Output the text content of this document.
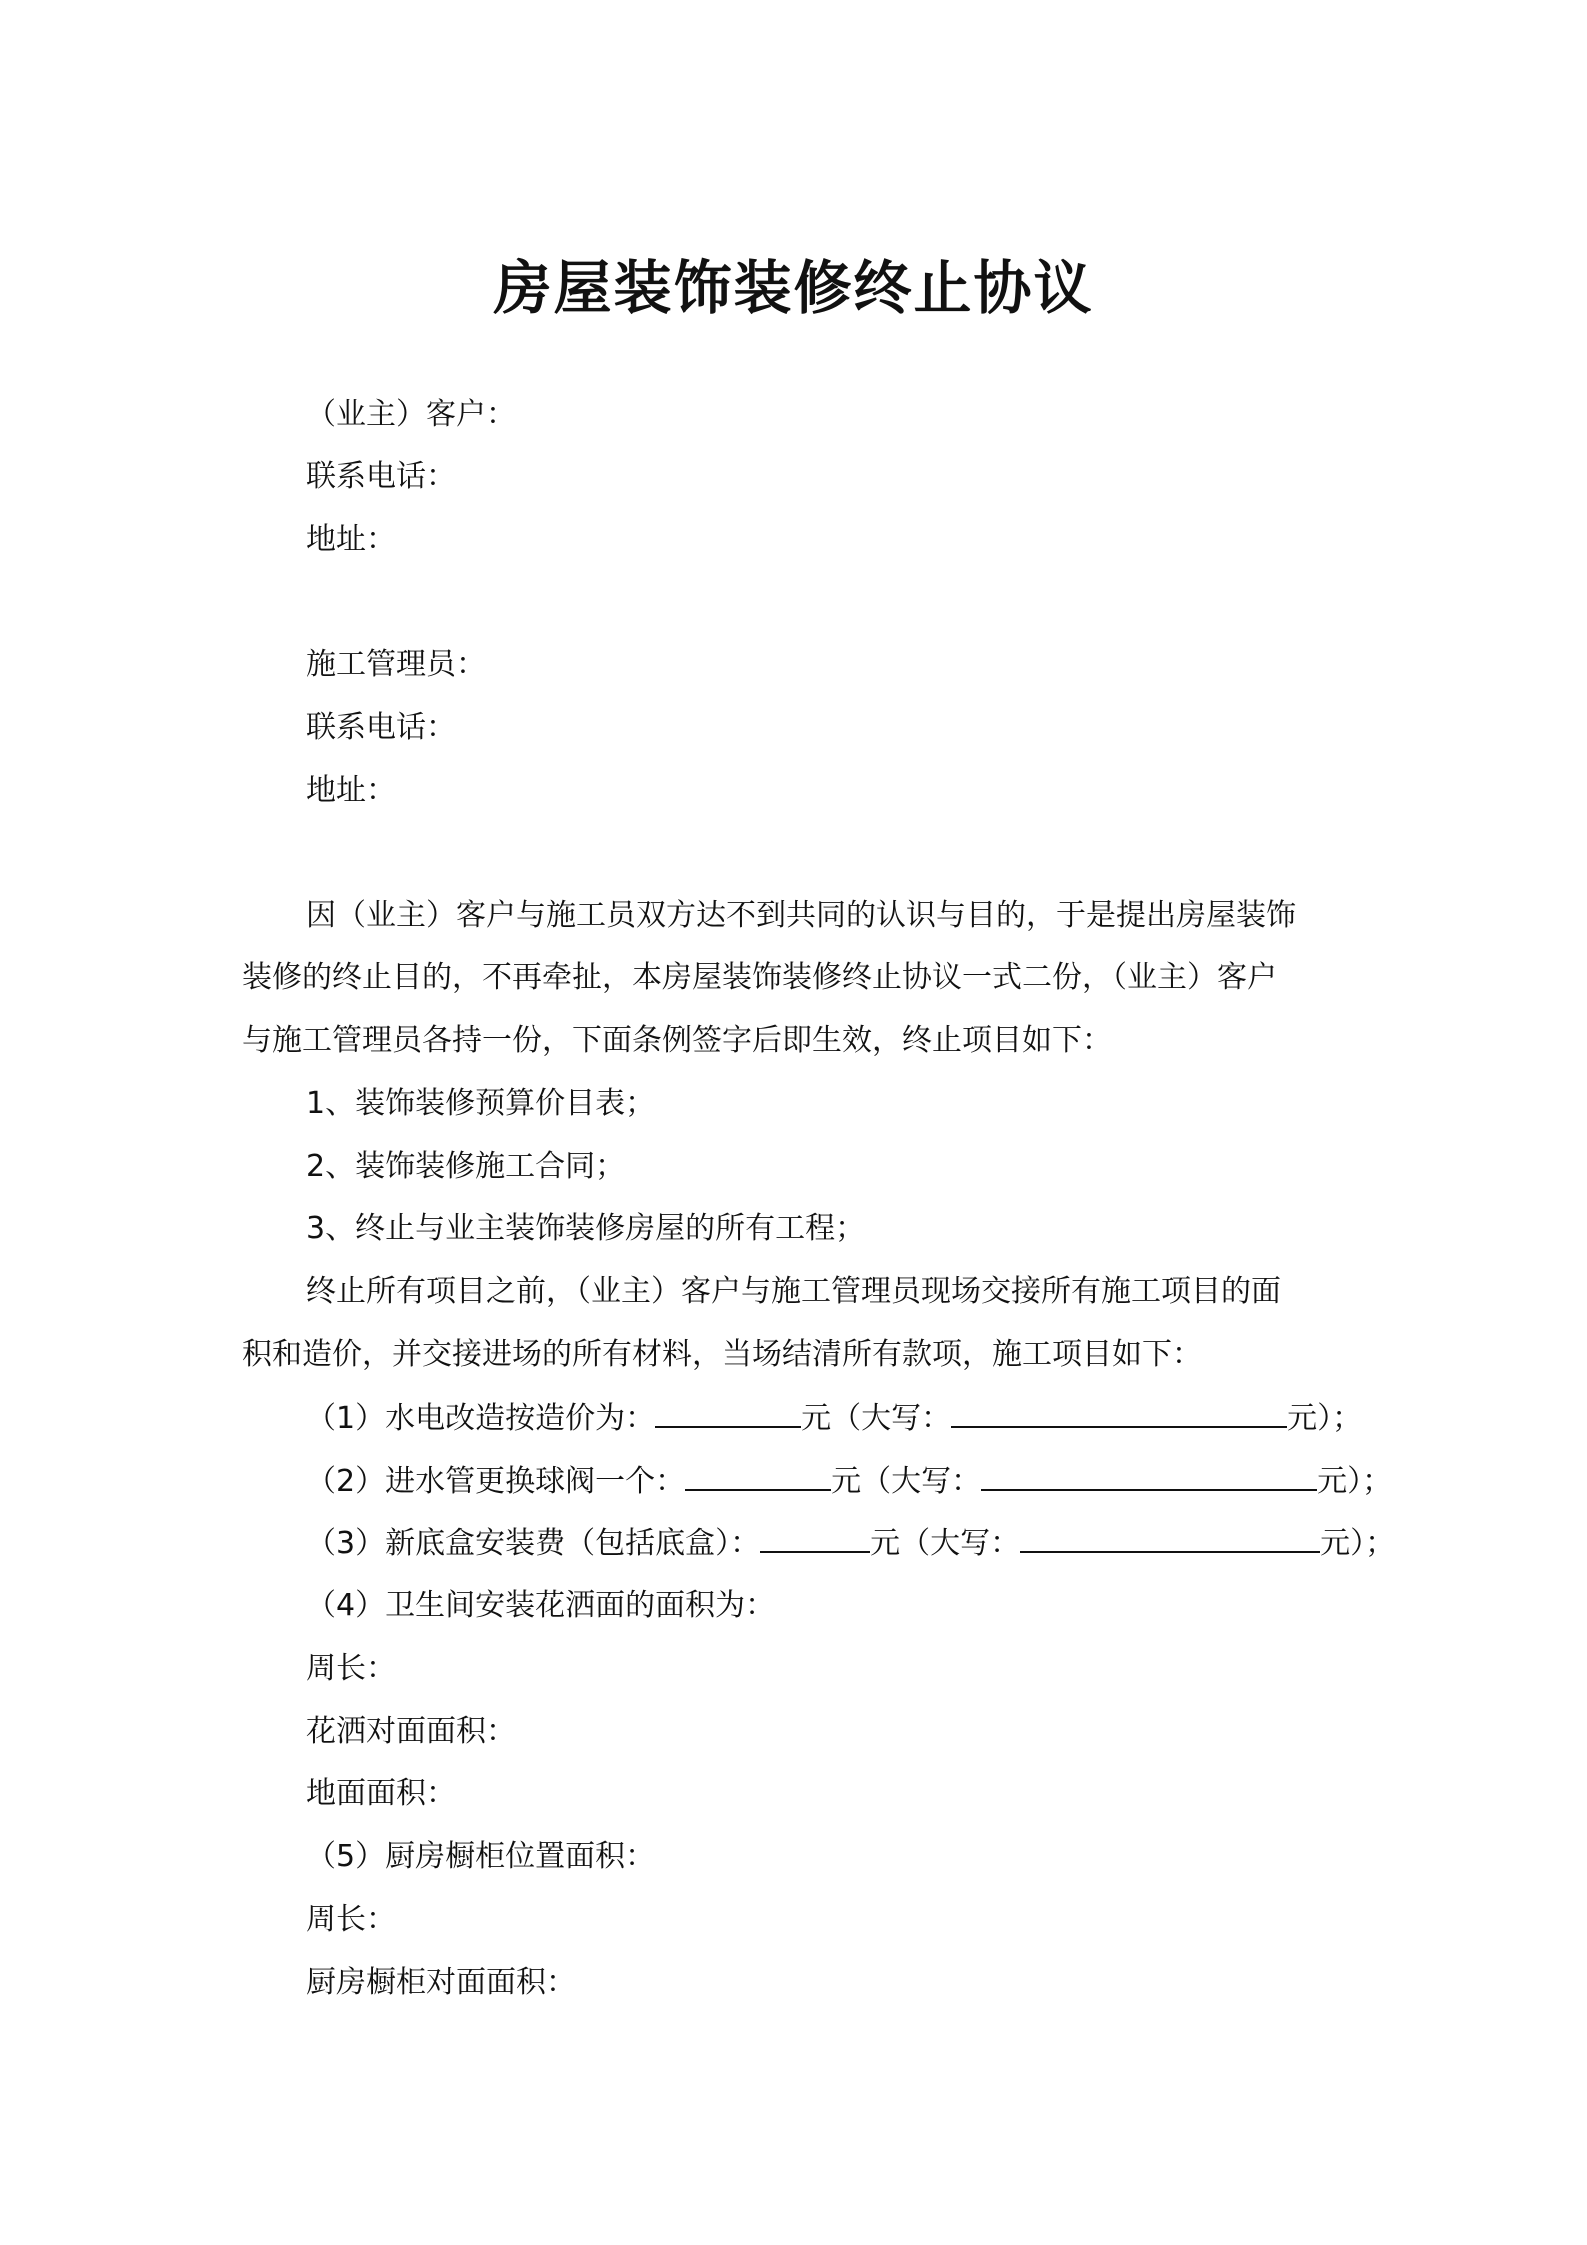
房屋装饰装修终止协议

（业主）客户：

联系电话：

地址：

施工管理员：

联系电话：

地址：

因（业主）客户与施工员双方达不到共同的认识与目的，于是提出房屋装饰

装修的终止目的，不再牵扯，本房屋装饰装修终止协议一式二份，（业主）客户

与施工管理员各持一份，下面条例签字后即生效，终止项目如下：

1、装饰装修预算价目表；

2、装饰装修施工合同；

3、终止与业主装饰装修房屋的所有工程；

终止所有项目之前，（业主）客户与施工管理员现场交接所有施工项目的面

积和造价，并交接进场的所有材料，当场结清所有款项，施工项目如下：

（1）水电改造按造价为：	元（大写：	元）；
（2）进水管更换球阀一个：	元（大写：	元）；
（3）新底盒安装费（包括底盒）：	元（大写：	元）；

（4）卫生间安装花洒面的面积为：

周长：

花洒对面面积：

地面面积：

（5）厨房橱柜位置面积：

周长：

厨房橱柜对面面积：
